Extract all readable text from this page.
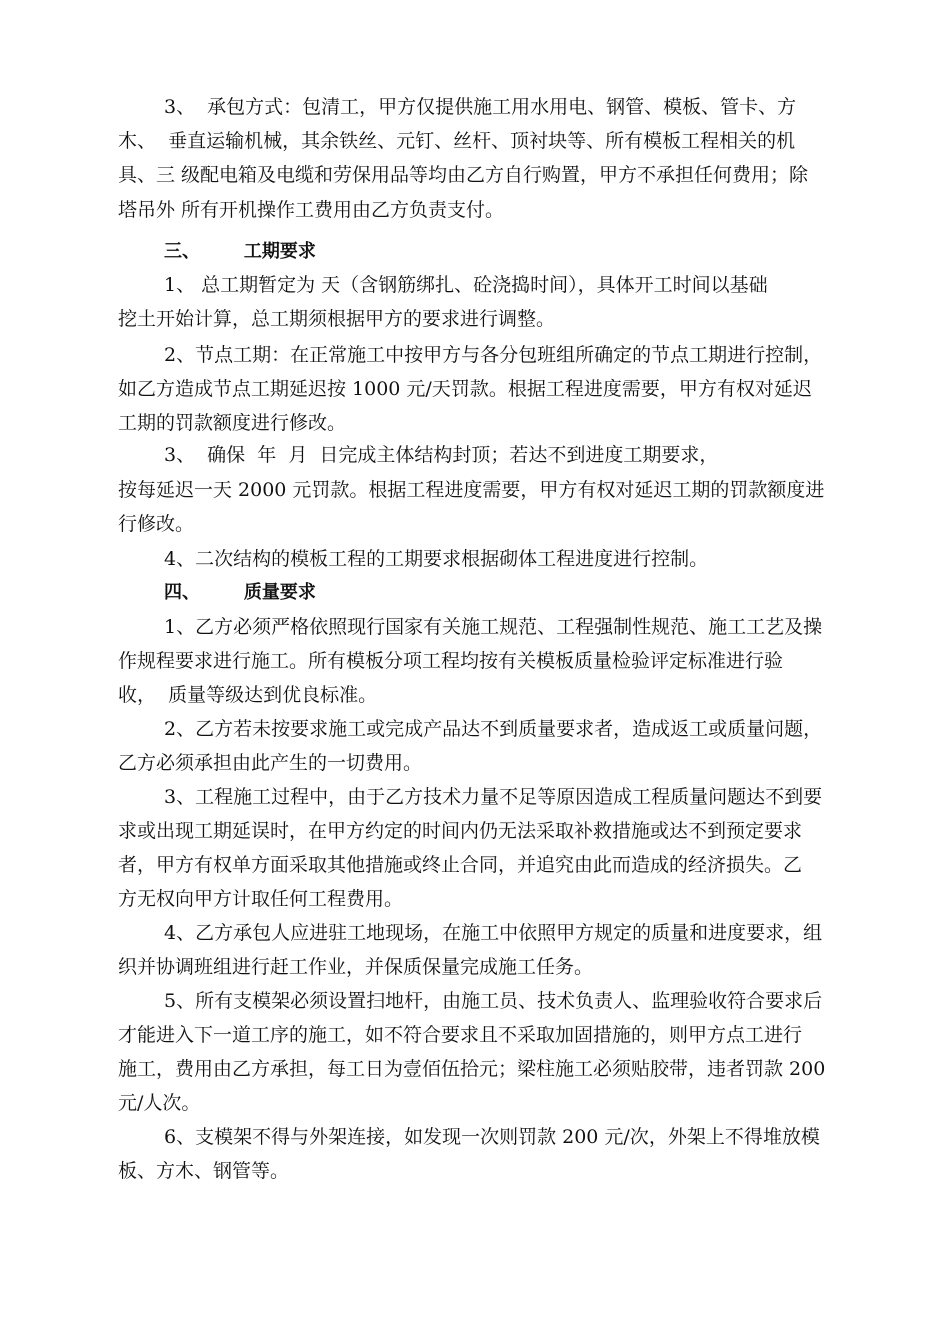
3、  承包方式：包清工，甲方仅提供施工用水用电、钢管、模板、管卡、方
木、  垂直运输机械，其余铁丝、元钉、丝杆、顶衬块等、所有模板工程相关的机
具、三 级配电箱及电缆和劳保用品等均由乙方自行购置，甲方不承担任何费用；除
塔吊外 所有开机操作工费用由乙方负责支付。
三、       工期要求
1、 总工期暂定为 天（含钢筋绑扎、砼浇捣时间），具体开工时间以基础
挖土开始计算，总工期须根据甲方的要求进行调整。
2、节点工期：在正常施工中按甲方与各分包班组所确定的节点工期进行控制，
如乙方造成节点工期延迟按 1000 元/天罚款。根据工程进度需要，甲方有权对延迟
工期的罚款额度进行修改。
3、  确保  年  月  日完成主体结构封顶；若达不到进度工期要求，
按每延迟一天 2000 元罚款。根据工程进度需要，甲方有权对延迟工期的罚款额度进
行修改。
4、二次结构的模板工程的工期要求根据砌体工程进度进行控制。
四、       质量要求
1、乙方必须严格依照现行国家有关施工规范、工程强制性规范、施工工艺及操
作规程要求进行施工。所有模板分项工程均按有关模板质量检验评定标准进行验
收，  质量等级达到优良标准。
2、乙方若未按要求施工或完成产品达不到质量要求者，造成返工或质量问题，
乙方必须承担由此产生的一切费用。
3、工程施工过程中，由于乙方技术力量不足等原因造成工程质量问题达不到要
求或出现工期延误时，在甲方约定的时间内仍无法采取补救措施或达不到预定要求
者，甲方有权单方面采取其他措施或终止合同，并追究由此而造成的经济损失。乙
方无权向甲方计取任何工程费用。
4、乙方承包人应进驻工地现场，在施工中依照甲方规定的质量和进度要求，组
织并协调班组进行赶工作业，并保质保量完成施工任务。
5、所有支模架必须设置扫地杆，由施工员、技术负责人、监理验收符合要求后
才能进入下一道工序的施工，如不符合要求且不采取加固措施的，则甲方点工进行
施工，费用由乙方承担，每工日为壹佰伍拾元；梁柱施工必须贴胶带，违者罚款 200
元/人次。
6、支模架不得与外架连接，如发现一次则罚款 200 元/次，外架上不得堆放模
板、方木、钢管等。
